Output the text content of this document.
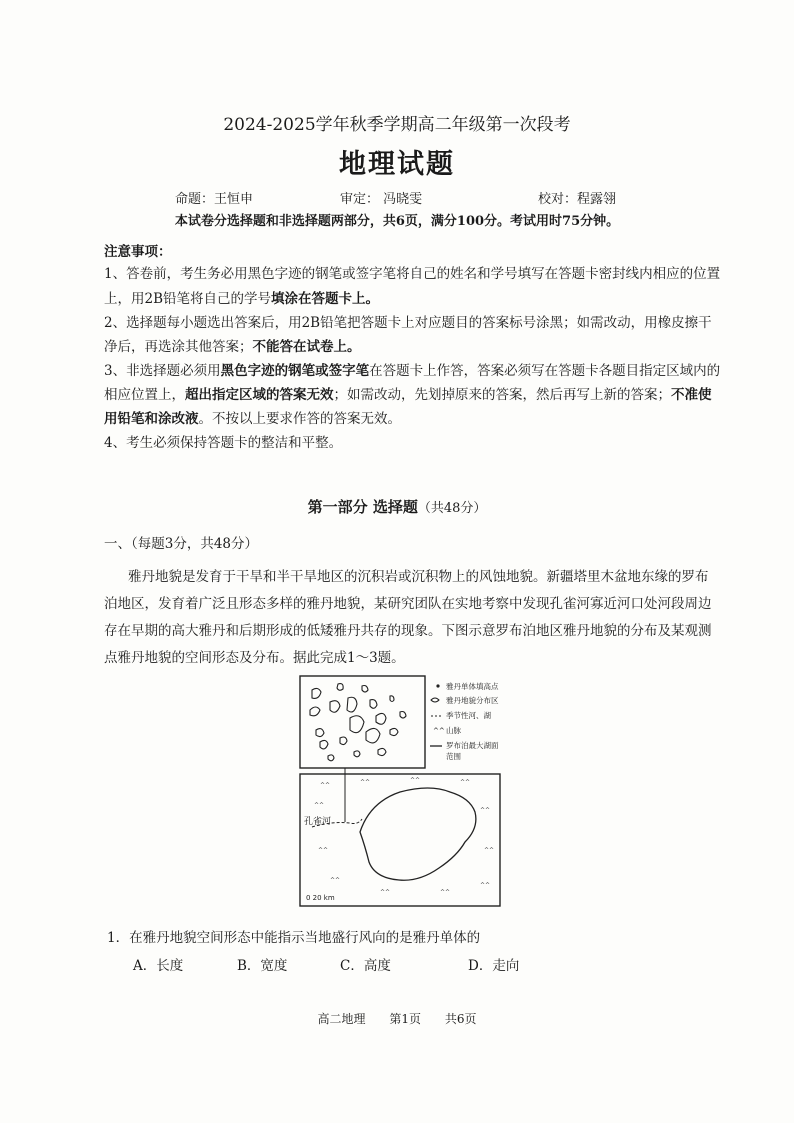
2024-2025学年秋季学期高二年级第一次段考
地理试题
命题：王恒申	审定： 冯晓雯	校对：程露翎
本试卷分选择题和非选择题两部分，共6页，满分100分。考试用时75分钟。
注意事项：
1、答卷前，考生务必用黑色字迹的钢笔或签字笔将自己的姓名和学号填写在答题卡密封线内相应的位置
上，用2B铅笔将自己的学号填涂在答题卡上。
2、选择题每小题选出答案后，用2B铅笔把答题卡上对应题目的答案标号涂黑；如需改动，用橡皮擦干
净后，再选涂其他答案；不能答在试卷上。
3、非选择题必须用黑色字迹的钢笔或签字笔在答题卡上作答，答案必须写在答题卡各题目指定区域内的
相应位置上，超出指定区域的答案无效；如需改动，先划掉原来的答案，然后再写上新的答案；不准使
用铅笔和涂改液。不按以上要求作答的答案无效。
4、考生必须保持答题卡的整洁和平整。
第一部分 选择题（共48分）
一、（每题3分，共48分）
雅丹地貌是发育于干旱和半干旱地区的沉积岩或沉积物上的风蚀地貌。新疆塔里木盆地东缘的罗布
泊地区，发育着广泛且形态多样的雅丹地貌，某研究团队在实地考察中发现孔雀河寡近河口处河段周边
存在早期的高大雅丹和后期形成的低矮雅丹共存的现象。下图示意罗布泊地区雅丹地貌的分布及某观测
点雅丹地貌的空间形态及分布。据此完成1～3题。
^^	^^	^^	^^
^^
^^
^^	^^
^^
^^	^^
^^
孔雀河
0 20 km
雅丹单体填高点
雅丹地貌分布区
季节性河、湖
^^ 山脉
罗布泊最大湖面
范围
1．在雅丹地貌空间形态中能指示当地盛行风向的是雅丹单体的
A．长度	B．宽度	C．高度	D．走向
高二地理 第1页 共6页
